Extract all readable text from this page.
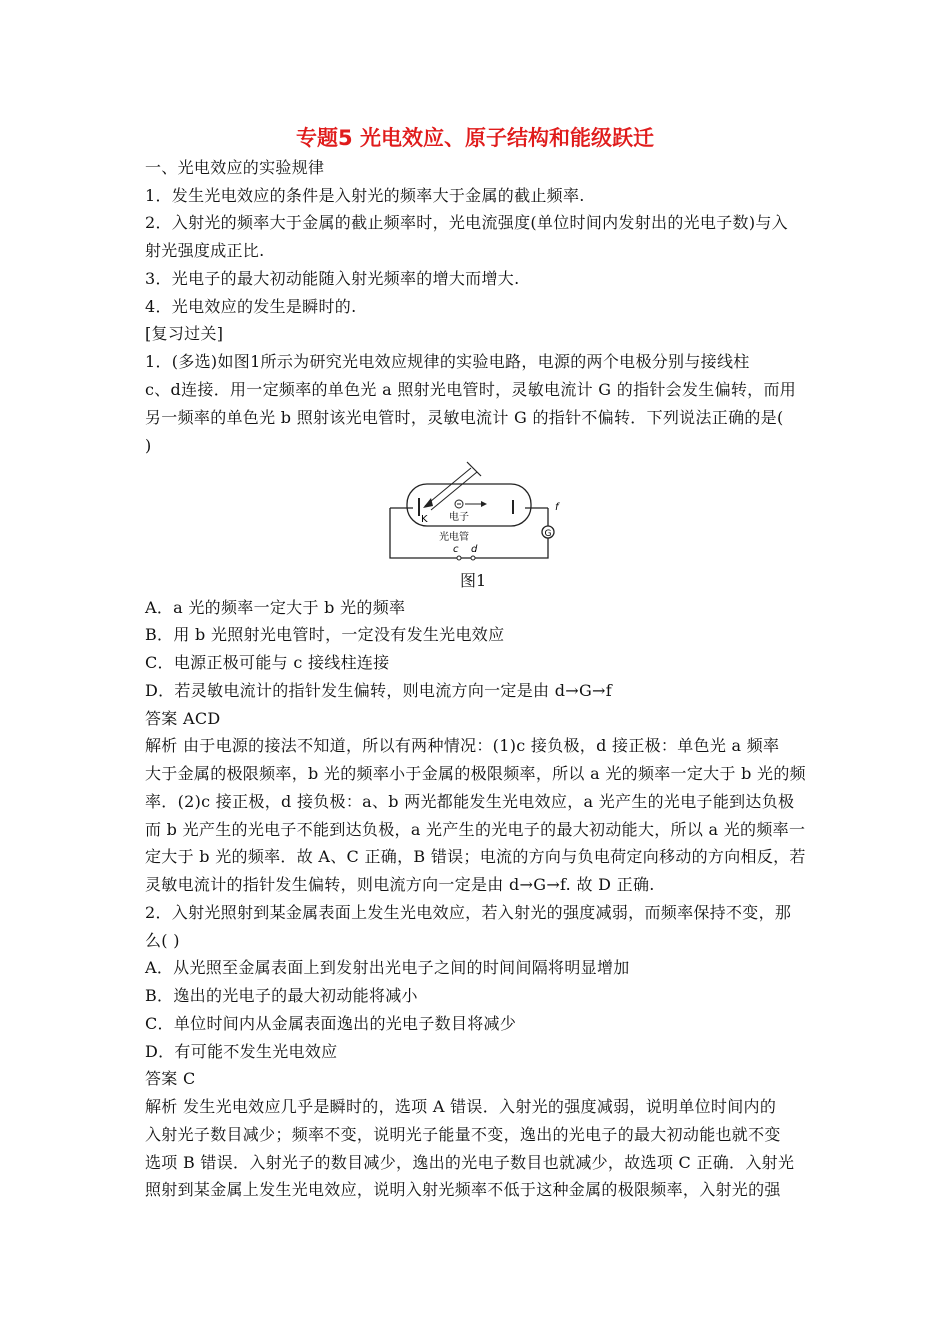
专题5 光电效应、原子结构和能级跃迁
一、光电效应的实验规律
1．发生光电效应的条件是入射光的频率大于金属的截止频率.
2．入射光的频率大于金属的截止频率时，光电流强度(单位时间内发射出的光电子数)与入
射光强度成正比.
3．光电子的最大初动能随入射光频率的增大而增大.
4．光电效应的发生是瞬时的.
[复习过关]
1．(多选)如图1所示为研究光电效应规律的实验电路，电源的两个电极分别与接线柱
c、d连接．用一定频率的单色光 a 照射光电管时，灵敏电流计 G 的指针会发生偏转，而用
另一频率的单色光 b 照射该光电管时，灵敏电流计 G 的指针不偏转．下列说法正确的是(
)
G
K 电子
光电管
c d
f
图1
A．a 光的频率一定大于 b 光的频率
B．用 b 光照射光电管时，一定没有发生光电效应
C．电源正极可能与 c 接线柱连接
D．若灵敏电流计的指针发生偏转，则电流方向一定是由 d→G→f
答案 ACD
解析 由于电源的接法不知道，所以有两种情况：(1)c 接负极，d 接正极：单色光 a 频率
大于金属的极限频率，b 光的频率小于金属的极限频率，所以 a 光的频率一定大于 b 光的频
率．(2)c 接正极，d 接负极：a、b 两光都能发生光电效应，a 光产生的光电子能到达负极
而 b 光产生的光电子不能到达负极，a 光产生的光电子的最大初动能大，所以 a 光的频率一
定大于 b 光的频率．故 A、C 正确，B 错误；电流的方向与负电荷定向移动的方向相反，若
灵敏电流计的指针发生偏转，则电流方向一定是由 d→G→f. 故 D 正确.
2．入射光照射到某金属表面上发生光电效应，若入射光的强度减弱，而频率保持不变，那
么( )
A．从光照至金属表面上到发射出光电子之间的时间间隔将明显增加
B．逸出的光电子的最大初动能将减小
C．单位时间内从金属表面逸出的光电子数目将减少
D．有可能不发生光电效应
答案 C
解析 发生光电效应几乎是瞬时的，选项 A 错误．入射光的强度减弱，说明单位时间内的
入射光子数目减少；频率不变，说明光子能量不变，逸出的光电子的最大初动能也就不变
选项 B 错误．入射光子的数目减少，逸出的光电子数目也就减少，故选项 C 正确．入射光
照射到某金属上发生光电效应，说明入射光频率不低于这种金属的极限频率，入射光的强
